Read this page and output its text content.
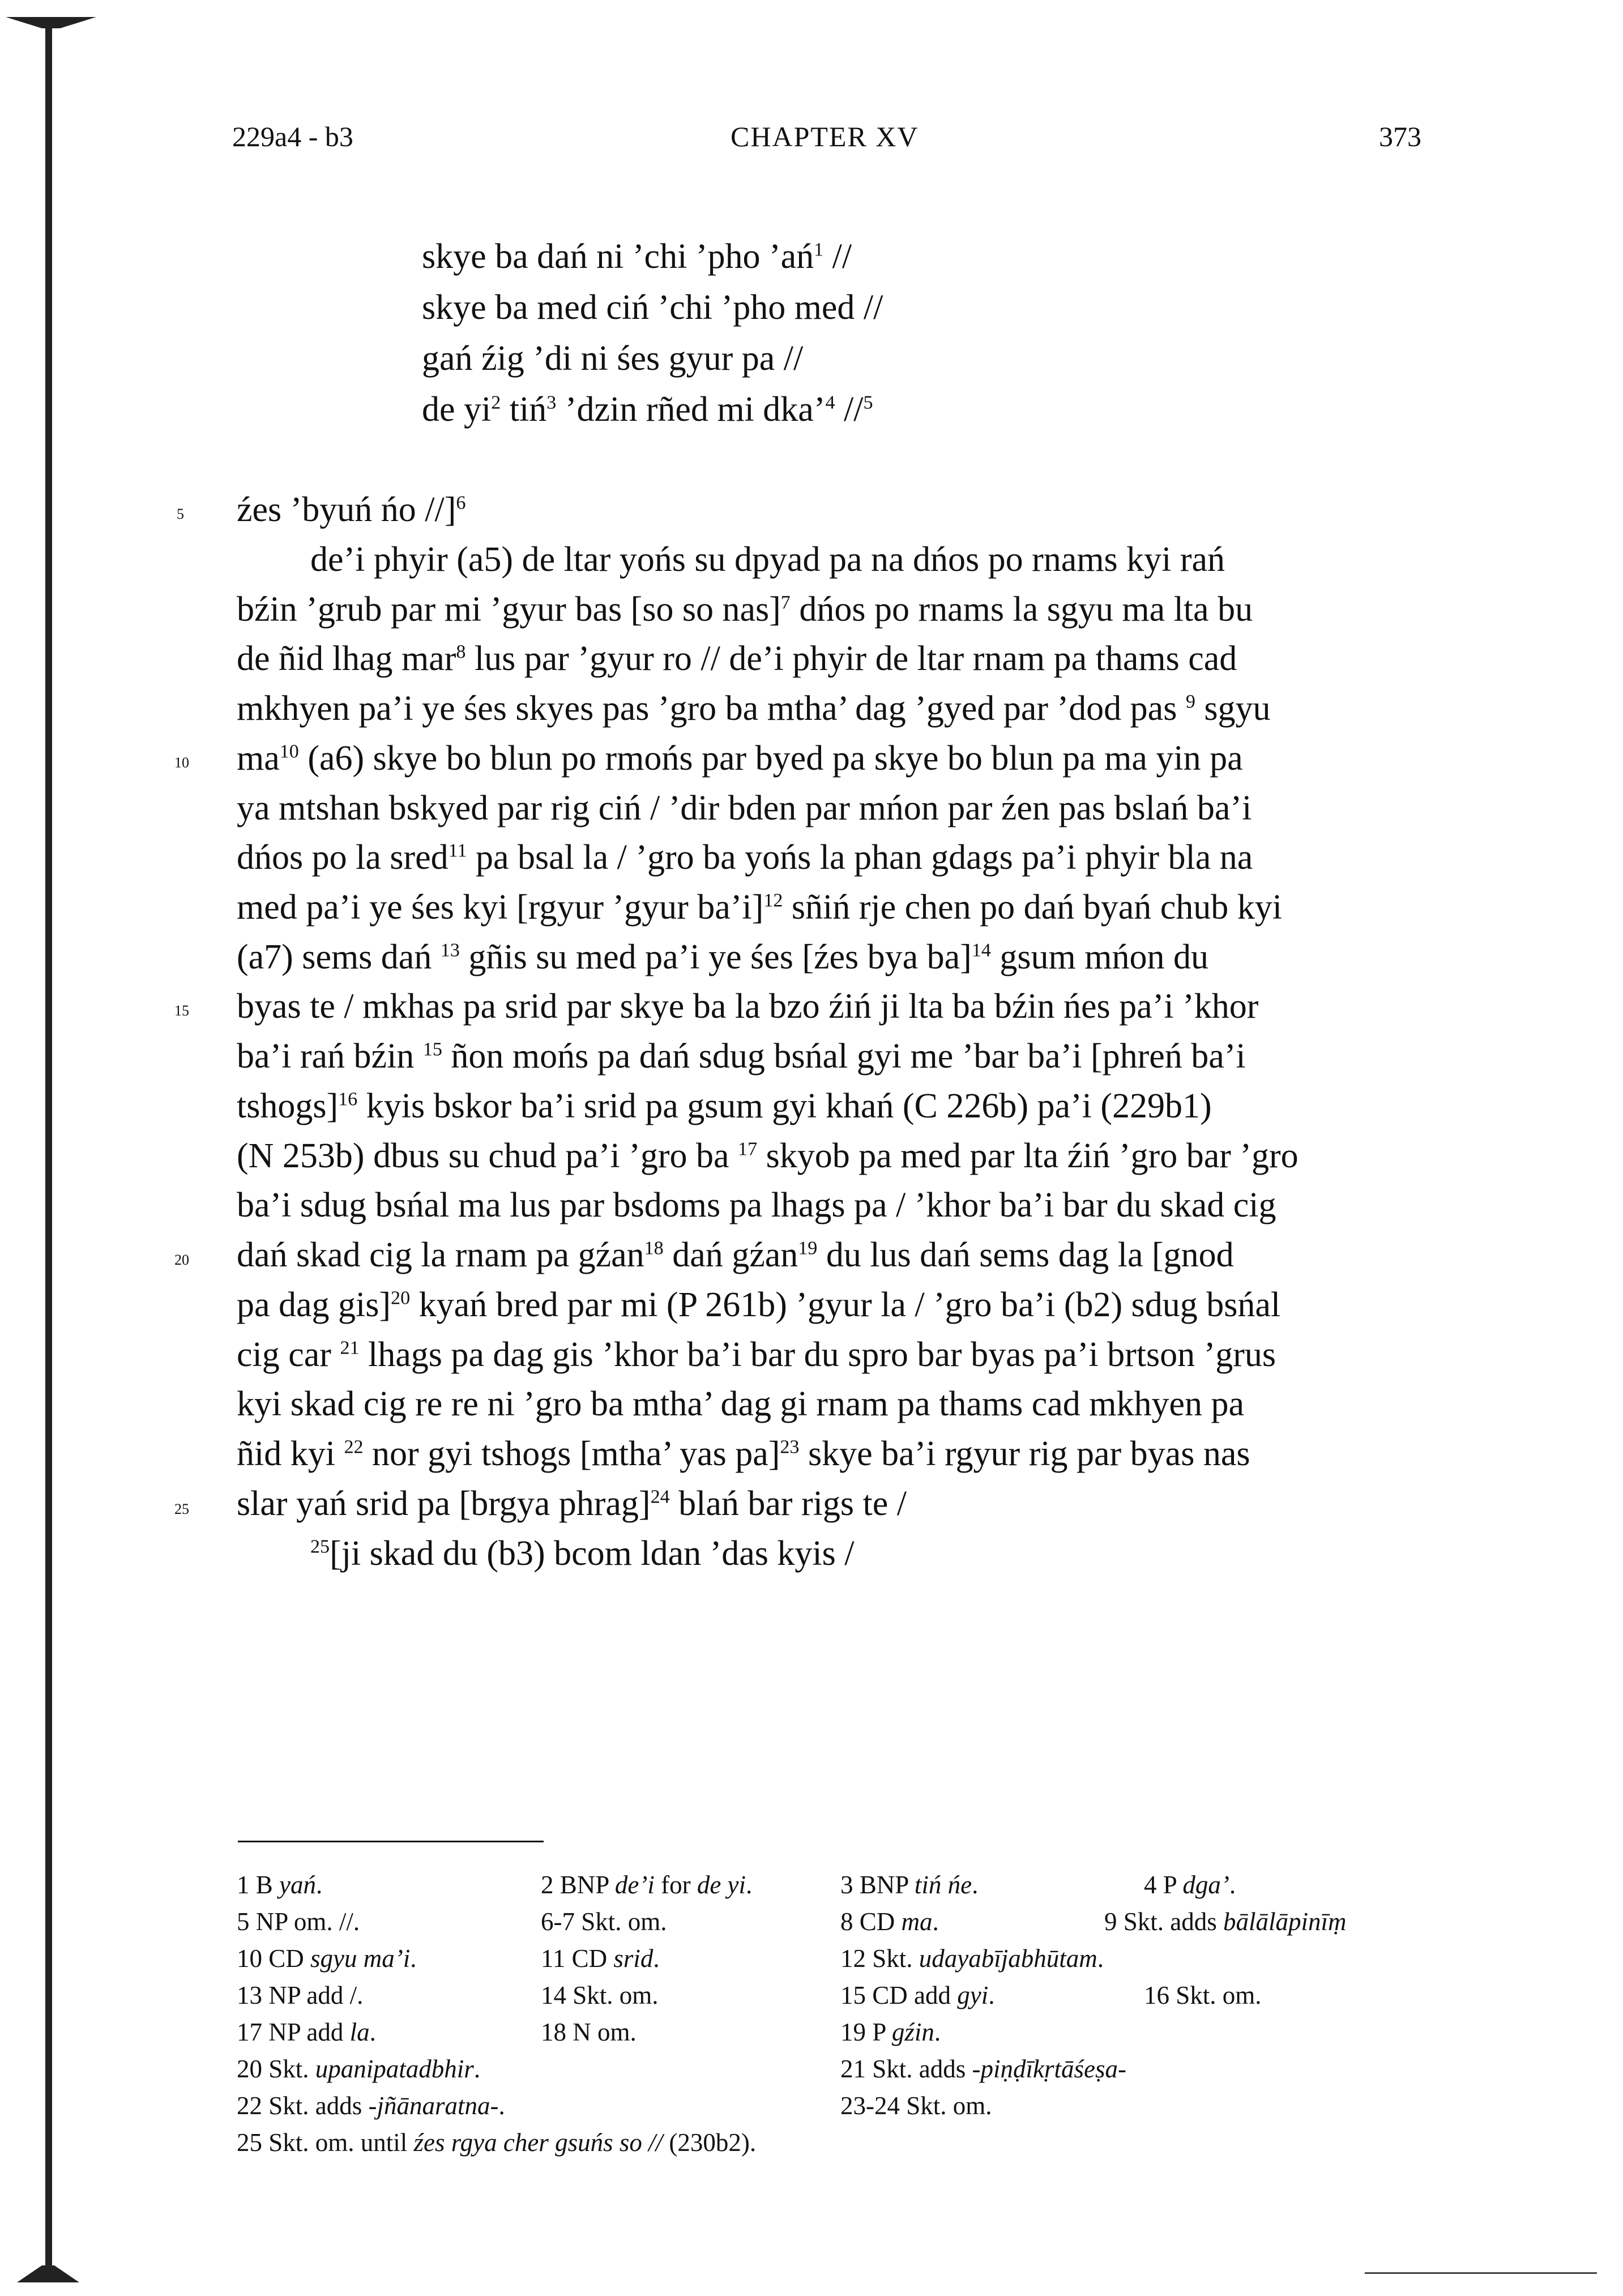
229a4 - b3	CHAPTER XV	373
skye ba dań ni ’chi ’pho $’ań^1$ //
skye ba med ciń ’chi ’pho med //
gań źig ’di ni śes gyur pa //
de $yi^2$ tiń$^3$ ’dzin rñed mi dka’$^4$ //$^5$
5
10
15
20
25
źes ’byuń ńo //]$^6$
de’i phyir (a5) de ltar yońs su dpyad pa na dńos po rnams kyi rań
bźin ’grub par mi ’gyur bas [so so nas]$^7$ dńos po rnams la sgyu ma lta bu
de ñid lhag mar$^8$ lus par ’gyur ro // de’i phyir de ltar rnam pa thams cad
mkhyen pa’i ye śes skyes pas ’gro ba mtha’ dag ’gyed par ’dod pas $^9$ sgyu
$ma^{10}$ (a6) skye bo blun po rmońs par byed pa skye bo blun pa ma yin pa
ya mtshan bskyed par rig ciń / ’dir bden par mńon par źen pas bslań ba’i
dńos po la sred$^{11}$ pa bsal la / ’gro ba yońs la phan gdags pa’i phyir bla na
med pa’i ye śes kyi [rgyur ’gyur ba’i]$^{12}$ sñiń rje chen po dań byań chub kyi
(a7) sems dań $^{13}$ gñis su med pa’i ye śes [źes bya ba]$^{14}$ gsum mńon du
byas te / mkhas pa srid par skye ba la bzo źiń ji lta ba bźin ńes pa’i ’khor
ba’i rań bźin $^{15}$ ñon mońs pa dań sdug bsńal gyi me ’bar ba’i [phreń ba’i
tshogs]$^{16}$ kyis bskor ba’i srid pa gsum gyi khań (C 226b) pa’i (229b1)
(N 253b) dbus su chud pa’i ’gro ba $^{17}$ skyob pa med par lta źiń ’gro bar ’gro
ba’i sdug bsńal ma lus par bsdoms pa lhags pa / ’khor ba’i bar du skad cig
dań skad cig la rnam pa gźan$^{18}$ dań gźan$^{19}$ du lus dań sems dag la [gnod
pa dag gis]$^{20}$ kyań bred par mi (P 261b) ’gyur la / ’gro ba’i (b2) sdug bsńal
cig car $^{21}$ lhags pa dag gis ’khor ba’i bar du spro bar byas pa’i brtson ’grus
kyi skad cig re re ni ’gro ba mtha’ dag gi rnam pa thams cad mkhyen pa
ñid kyi $^{22}$ nor gyi tshogs [mtha’ yas pa]$^{23}$ skye ba’i rgyur rig par byas nas
slar yań srid pa [brgya phrag]$^{24}$ blań bar rigs te /
$^{25}$[ji skad du (b3) bcom ldan ’das kyis /
1 B yań.	2 BNP de’i for de yi.	3 BNP tiń ńe.	4 P dga’.
5 NP om. //.	6-7 Skt. om.	8 CD ma.	9 Skt. adds bālālāpinīṃ
10 CD sgyu ma’i.	11 CD srid.	12 Skt. udayabījabhūtam.
13 NP add /.	14 Skt. om.	15 CD add gyi.	16 Skt. om.
17 NP add la.	18 N om.	19 P gźin.
20 Skt. upanipatadbhir.	21 Skt. adds -piṇḍīkṛtāśeṣa-
22 Skt. adds -jñānaratna-.	23-24 Skt. om.
25 Skt. om. until źes rgya cher gsuńs so // (230b2).
